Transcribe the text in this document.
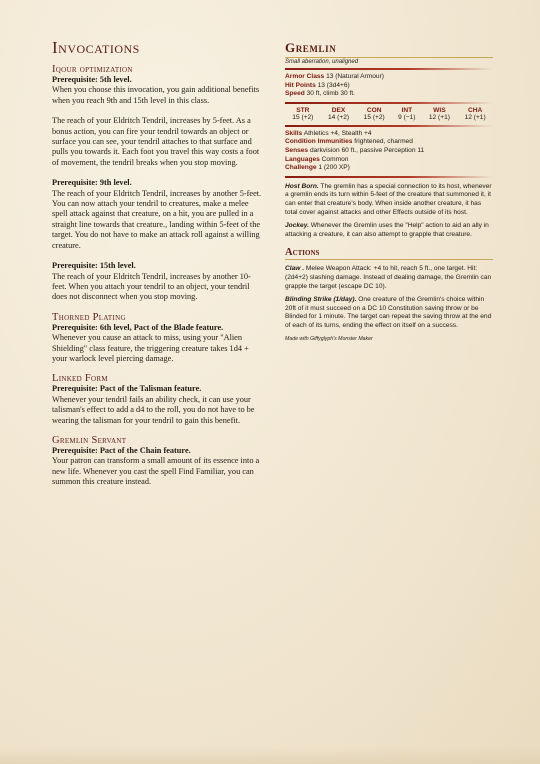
Invocations
Iqour optimization

Prerequisite: 5th level.

When you choose this invocation, you gain additional benefits when you reach 9th and 15th level in this class.

The reach of your Eldritch Tendril, increases by 5-feet. As a bonus action, you can fire your tendril towards an object or surface you can see, your tendril attaches to that surface and pulls you towards it. Each foot you travel this way costs a foot of movement, the tendril breaks when you stop moving.

Prerequisite: 9th level.

The reach of your Eldritch Tendril, increases by another 5-feet. You can now attach your tendril to creatures, make a melee spell attack against that creature, on a hit, you are pulled in a straight line towards that creature., landing within 5-feet of the target. You do not have to make an attack roll against a willing creature.

Prerequisite: 15th level.

The reach of your Eldritch Tendril, increases by another 10-feet. When you attach your tendril to an object, your tendril does not disconnect when you stop moving.

Thorned Plating

Prerequisite: 6th level, Pact of the Blade feature.

Whenever you cause an attack to miss, using your "Alien Shielding" class feature, the triggering creature takes 1d4 + your warlock level piercing damage.

Linked Form

Prerequisite: Pact of the Talisman feature.

Whenever your tendril fails an ability check, it can use your talisman's effect to add a d4 to the roll, you do not have to be wearing the talisman for your tendril to gain this benefit.

Gremlin Servant

Prerequisite: Pact of the Chain feature.

Your patron can transform a small amount of its essence into a new life. Whenever you cast the spell Find Familiar, you can summon this creature instead.

Gremlin

Small aberration, unaligned

Armor Class 13 (Natural Armour)

Hit Points 13 (3d4+6)

Speed 30 ft, climb 30 ft.

STR	DEX	CON	INT	WIS	CHA
15 (+2)	14 (+2)	15 (+2)	9 (−1)	12 (+1)	12 (+1)

Skills Athletics +4, Stealth +4

Condition Immunities frightened, charmed

Senses darkvision 60 ft., passive Perception 11

Languages Common

Challenge 1 (200 XP)

Host Born. The gremlin has a special connection to its host, whenever a gremlin ends its turn within 5-feet of the creature that summoned it, it can enter that creature's body. When inside another creature, it has total cover against attacks and other Effects outside of its host.

Jockey. Whenever the Gremlin uses the "Help" action to aid an ally in attacking a creature, it can also attempt to grapple that creature.

Actions

Claw . Melee Weapon Attack: +4 to hit, reach 5 ft., one target. Hit: (2d4+2) slashing damage. Instead of dealing damage, the Gremlin can grapple the target (escape DC 10).

Blinding Strike (1/day). One creature of the Gremlin's choice within 20ft of it must succeed on a DC 10 Constitution saving throw or be Blinded for 1 minute. The target can repeat the saving throw at the end of each of its turns, ending the effect on itself on a success.

Made with Giffyglyph's Monster Maker
